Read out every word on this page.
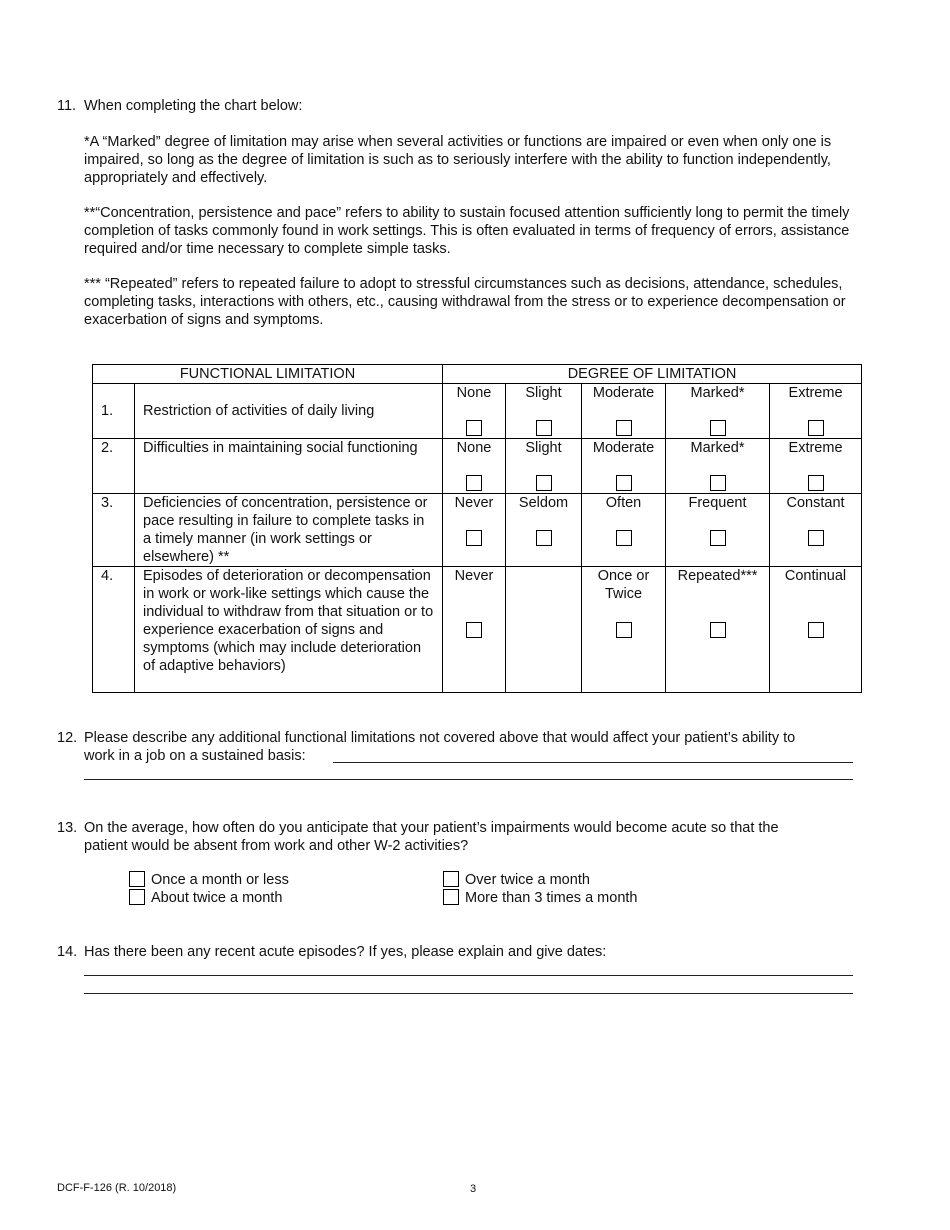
11. When completing the chart below:

*A “Marked” degree of limitation may arise when several activities or functions are impaired or even when only one is impaired, so long as the degree of limitation is such as to seriously interfere with the ability to function independently, appropriately and effectively.

**“Concentration, persistence and pace” refers to ability to sustain focused attention sufficiently long to permit the timely completion of tasks commonly found in work settings. This is often evaluated in terms of frequency of errors, assistance required and/or time necessary to complete simple tasks.

*** “Repeated” refers to repeated failure to adopt to stressful circumstances such as decisions, attendance, schedules, completing tasks, interactions with others, etc., causing withdrawal from the stress or to experience decompensation or exacerbation of signs and symptoms.

FUNCTIONAL LIMITATION		DEGREE OF LIMITATION				
1.	Restriction of activities of daily living	None	Slight	Moderate	Marked*	Extreme

2.	Difficulties in maintaining social functioning	None	Slight	Moderate	Marked*	Extreme

3.	Deficiencies of concentration, persistence or pace resulting in failure to complete tasks in a timely manner (in work settings or elsewhere) **	Never	Seldom	Often	Frequent	Constant

4.	Episodes of deterioration or decompensation in work or work-like settings which cause the individual to withdraw from that situation or to experience exacerbation of signs and symptoms (which may include deterioration of adaptive behaviors)	Never		Once or Twice	Repeated***	Continual
12. Please describe any additional functional limitations not covered above that would affect your patient’s ability to
work in a job on a sustained basis:
13. On the average, how often do you anticipate that your patient’s impairments would become acute so that the patient would be absent from work and other W-2 activities?

Once a month or less
About twice a month
Over twice a month
More than 3 times a month
14. Has there been any recent acute episodes? If yes, please explain and give dates:
DCF-F-126 (R. 10/2018)	3
